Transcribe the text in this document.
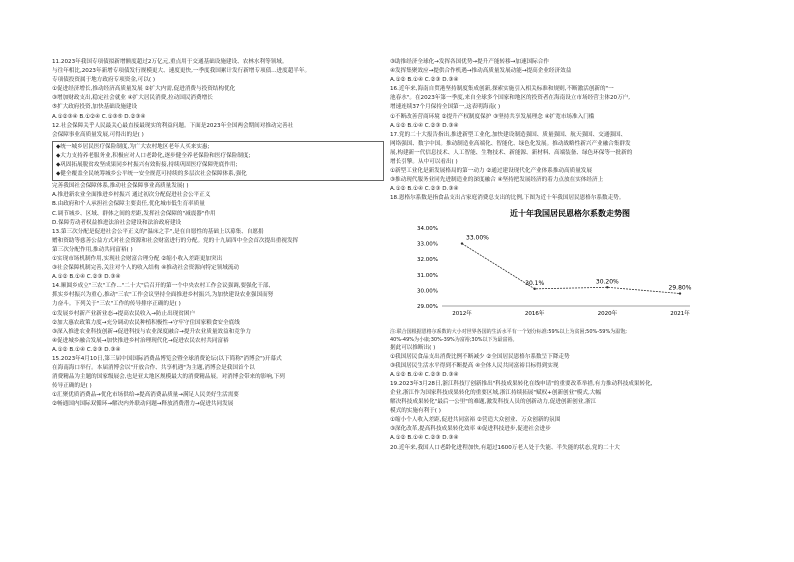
11.2023年我国专项债拟新增额度超过2万亿元,重点用于交通基础设施建设、农林水利等领域。

与往年相比,2023年新增专项债发行规模更大、速度更快,一季度我国累计发行新增专项债...进度超半年。

专项债投资属于地方政府专项资金,可以( )

①促进经济增长,推动经济高质量发展 ②扩大内需,促进消费与投资结构优化

③增加财政支出,稳定社会就业 ④扩大居民消费,拉动国民消费增长

⑤扩大政府投资,加快基础设施建设

A.①②③④ B.①②④ C.①③⑤ D.②③④

12.社会保障关乎人民最关心最直接最现实的利益问题。下面是2023年全国两会期间对推动完善社

会保障事业高质量发展,可得出的是( )

◆统一城乡居民医疗保险制度,为广大农村地区老年人买来实惠;

◆大力支持养老服务业,积极应对人口老龄化,逐步健全养老保险和医疗保险制度;

◆巩固拓展脱贫攻坚成果同乡村振兴有效衔接,持续巩固医疗保障兜底作用;

◆健全覆盖全民统筹城乡公平统一安全规范可持续的多层次社会保障体系,强化

完善我国社会保障体系,推动社会保障事业高质量发展( )

A.推进新农业全面推进乡村振兴 通过初次分配促进社会公平正义

B.由政府和个人承担社会保障主要责任,优化城市低生育率质量

C.调节城乡、区域、群体之间的差距,发挥社会保障的"减震器"作用

D.保障劳动者权益推进法治社会建设和法治政府建设

13.第三次分配是促进社会公平正义的"温床之手",是在自愿性的基础上以募集、自愿捐

赠和资助等慈善公益方式对社会资源和社会财富进行的分配。党的十九届四中全会首次提出重视发挥

第三次分配作用,推动共同富裕( )

①实现市场机制作用,实现社会财富合理分配 ②缩小收入差距更加突出

③社会保障机制完善,关注对个人的收入结构 ④推动社会资源向特定领域流动

A.①② B.①④ C.②③ D.③④

14.顺圆乡成立"三农"工作..."二十大"后召开的第一个中央农村工作会议强调,要强化干部,

抓实乡村振兴为重心,推动"三农"工作会议坚持全面推进乡村振兴,为加快建设农业强国而努

力奋斗。下列关于"三农"工作的传导排序正确的是( )

①发展乡村新产业新业态→提高农民收入→防止出现贫困户

②加大惠农政策力度→充分调动农民种植积极性→守牢守住国家粮食安全底线

③深入推进农业科技创新→促进科技与农业深度融合→提升农业质量效益和竞争力

④促进城乡融合发展→加快推进乡村治理现代化→促进农民农村共同富裕

A.①② B.①④ C.②③ D.③④

15.2023年4月10日,第三届中国国际消费品博览会暨全球消费论坛(以下简称"消博会")开幕式

在海南海口举行。本届消博会以"开放合作、共享机遇"为主题,消博会是我国首个以

消费精品为主题的国家级展会,也是亚太地区规模最大的消费精品展。对消博会带来的影响,下列

传导正确的是( )

①汇聚优质消费品→优化市场供给→提高消费品质量→满足人民美好生活需要

②畅通国内国际双循环→解决内外联动问题→释放消费潜力→促进共同发展

③助推经济全球化→发挥各国优势→提升产能转移→加速国际合作

④发挥集聚效应→提供合作机遇→推动高质量发展动能→提高企业经济效益

A.①② B.①④ C.②③ D.③④

16.近年来,海南自贸港坚持制度集成创新,探索实施引入相关标准和规则,不断激活创新的"一

池春水"。在2023年第一季度,来自全球多个国家和地区的投资者在海南设立市场经营主体20万户,

增速连续37个月保持全国第一,这表明海南( )

①不断改善营商环境 ②提升产权制度保护 ③坚持共享发展理念 ④扩宽市场准入门槛

A.①② B.①④ C.②③ D.③④

17.党的二十大报告指出,推进新型工业化,加快建设制造强国、质量强国、航天强国、交通强国、

网络强国、数字中国。推动制造业高端化、智能化、绿色化发展。推动战略性新兴产业融合集群发

展,构建新一代信息技术、人工智能、生物技术、新能源、新材料、高端装备、绿色环保等一批新的

增长引擎。从中可以看出( )

①新型工业化是新发展格局的第一动力 ②通过建设现代化产业体系推动高质量发展

③推动现代服务业同先进制造业的深度融合 ④坚持把发展经济的着力点放在实体经济上

A.①② B.①④ C.②③ D.③④

18.恩格尔系数是指食品支出占家庭消费总支出的比例,下图为近十年我国居民恩格尔系数走势。

近十年我国居民恩格尔系数走势图
34.00%
33.00%
32.00%
31.00%
30.00%
29.00%
2012年	2016年	2020年	2021年
33.00%
30.1%	30.20%
29.80%

注:联合国根据恩格尔系数的大小对世界各国的生活水平有一个划分标准:59%以上为贫困;50%-59%为温饱;

40%-49%为小康;30%-39%为富裕;30%以下为最富裕。

据此可以推断出( )

①我国居民食品支出消费比例不断减少 ②全国居民恩格尔系数呈下降走势

③我国居民生活水平得到不断提高 ④全体人民共同富裕目标得到实现

A.①② B.①④ C.②③ D.③④

19.2023年3月28日,浙江科技厅创新推出"科技成果转化在线申请"的重要改革举措,有力推动科技成果转化,

企业,浙江作为国家科技成果转化的重要区域,浙江持续拓展"赋权+创新创业"模式,大幅

解决科技成果转化"最后一公里"的难题,激发科技人员的创新动力,促进创新创业,浙江

模式的实施有利于( )

①缩小个人收入差距,促进共同富裕 ②营造大众创业、万众创新的氛围

③深化改革,提高科技成果转化效率 ④促进科技进步,促进社会进步

A.①② B.①④ C.②③ D.③④

20.近年来,我国人口老龄化进程加快,有超过1600万老人处于失能、半失能的状态,党的二十大
